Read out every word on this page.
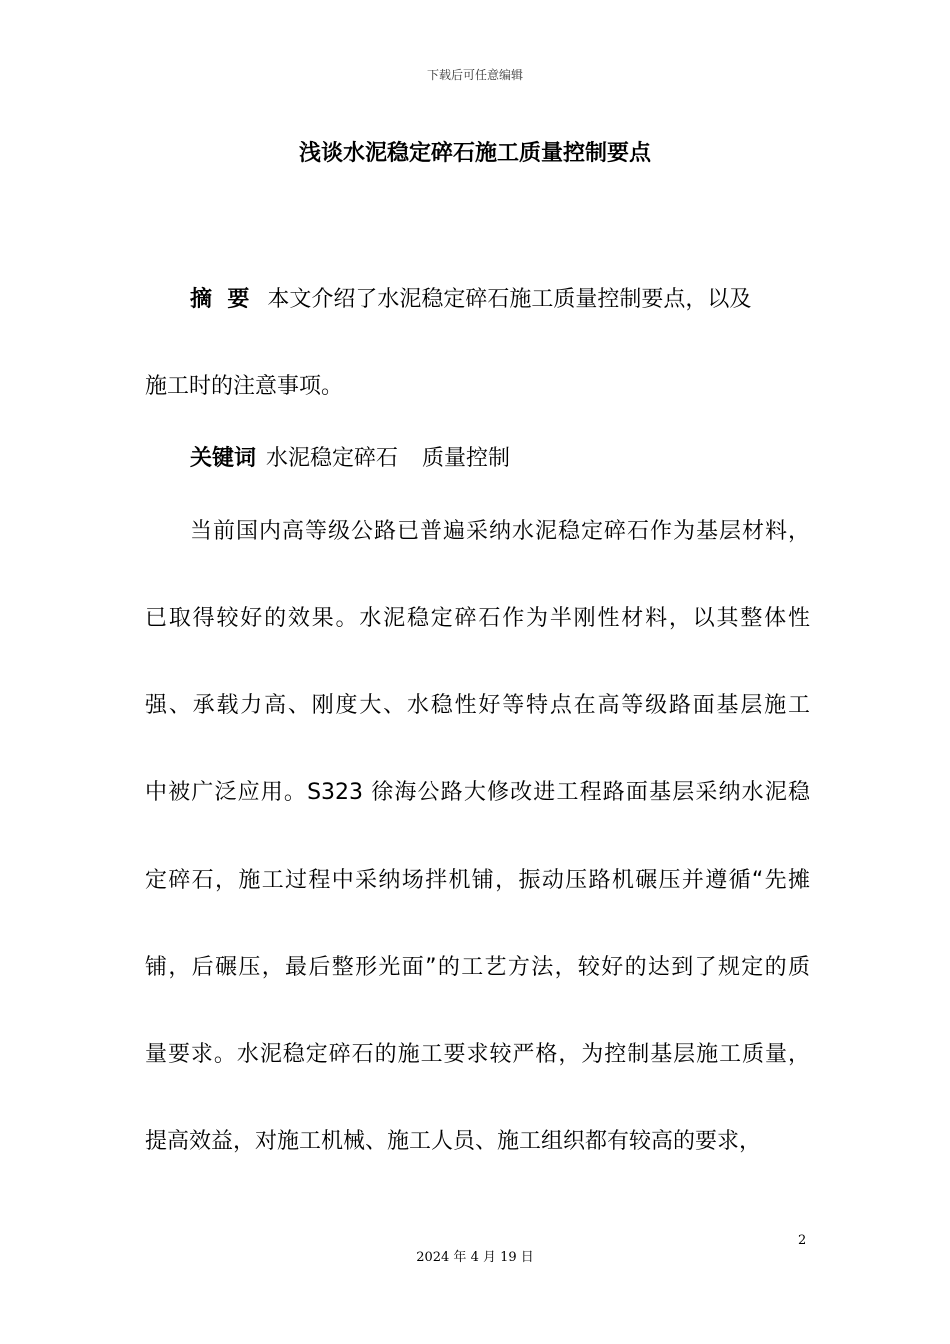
下载后可任意编辑
浅谈水泥稳定碎石施工质量控制要点
摘  要 本文介绍了水泥稳定碎石施工质量控制要点，以及
施工时的注意事项。
关键词 水泥稳定碎石 质量控制
当前国内高等级公路已普遍采纳水泥稳定碎石作为基层材料，
已取得较好的效果。水泥稳定碎石作为半刚性材料，以其整体性
强、承载力高、刚度大、水稳性好等特点在高等级路面基层施工
中被广泛应用。S323 徐海公路大修改进工程路面基层采纳水泥稳
定碎石，施工过程中采纳场拌机铺，振动压路机碾压并遵循“先摊
铺，后碾压，最后整形光面”的工艺方法，较好的达到了规定的质
量要求。水泥稳定碎石的施工要求较严格，为控制基层施工质量，
提高效益，对施工机械、施工人员、施工组织都有较高的要求，
2
2024 年 4 月 19 日
